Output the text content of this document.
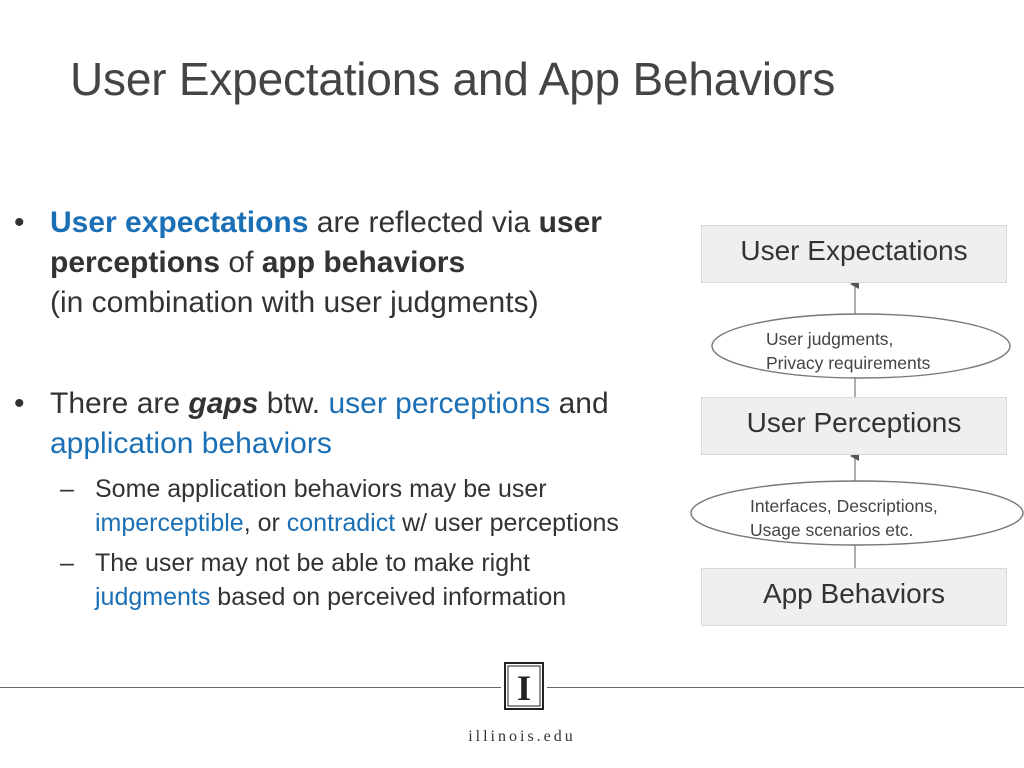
User Expectations and App Behaviors
• User expectations are reflected via user perceptions of app behaviors
(in combination with user judgments)
• There are gaps btw. user perceptions and
application behaviors
– Some application behaviors may be user
imperceptible, or contradict w/ user perceptions
– The user may not be able to make right
judgments based on perceived information
User Expectations
User Perceptions
App Behaviors
User judgments,
Privacy requirements
Interfaces, Descriptions,
Usage scenarios etc.
I
illinois.edu
